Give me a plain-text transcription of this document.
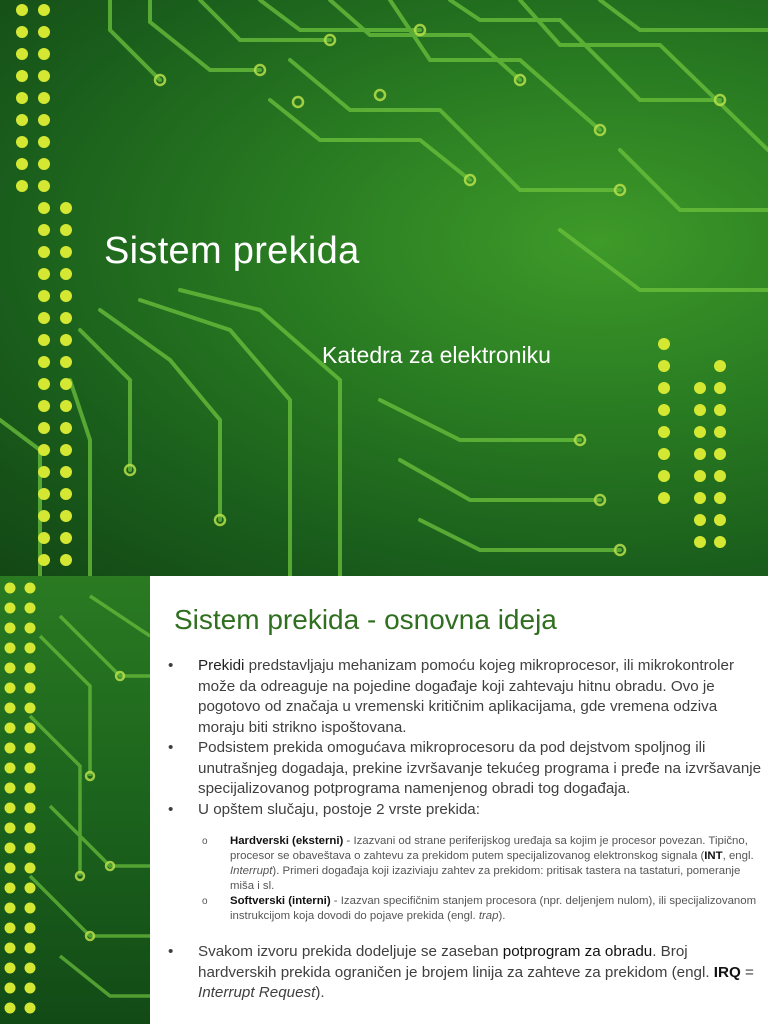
Sistem prekida
Katedra za elektroniku
Sistem prekida - osnovna ideja
• Prekidi predstavljaju mehanizam pomoću kojeg mikroprocesor, ili mikrokontroler može da odreaguje na pojedine događaje koji zahtevaju hitnu obradu. Ovo je pogotovo od značaja u vremenski kritičnim aplikacijama, gde vremena odziva moraju biti strikno ispoštovana.
• Podsistem prekida omogućava mikroprocesoru da pod dejstvom spoljnog ili unutrašnjeg dogadaja, prekine izvršavanje tekućeg programa i pređe na izvršavanje specijalizovanog potprograma namenjenog obradi tog događaja.
• U opštem slučaju, postoje 2 vrste prekida:
o Hardverski (eksterni) - Izazvani od strane periferijskog uređaja sa kojim je procesor povezan. Tipično, procesor se obaveštava o zahtevu za prekidom putem specijalizovanog elektronskog signala (INT, engl. Interrupt). Primeri događaja koji izaziviaju zahtev za prekidom: pritisak tastera na tastaturi, pomeranje miša i sl.
o Softverski (interni) - Izazvan specifičnim stanjem procesora (npr. deljenjem nulom), ili specijalizovanom instrukcijom koja dovodi do pojave prekida (engl. trap).
• Svakom izvoru prekida dodeljuje se zaseban potprogram za obradu. Broj hardverskih prekida ograničen je brojem linija za zahteve za prekidom (engl. IRQ = Interrupt Request).
